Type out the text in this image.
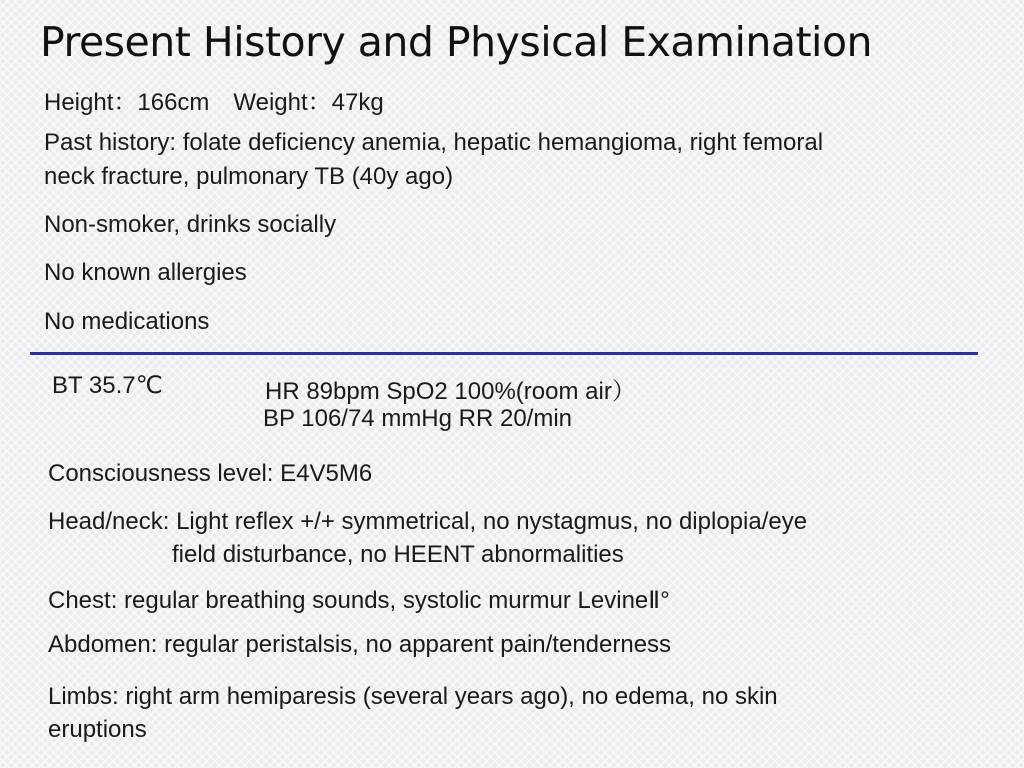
Present History and Physical Examination
Height：166cm　Weight：47kg
Past history: folate deficiency anemia, hepatic hemangioma, right femoral
neck fracture, pulmonary TB (40y ago)
Non-smoker, drinks socially
No known allergies
No medications
BT 35.7℃	HR 89bpm SpO2 100%(room air）
BP 106/74 mmHg RR 20/min
Consciousness level: E4V5M6
Head/neck: Light reflex +/+ symmetrical, no nystagmus, no diplopia/eye
field disturbance, no HEENT abnormalities
Chest: regular breathing sounds, systolic murmur LevineⅡ°
Abdomen: regular peristalsis, no apparent pain/tenderness
Limbs: right arm hemiparesis (several years ago), no edema, no skin
eruptions
